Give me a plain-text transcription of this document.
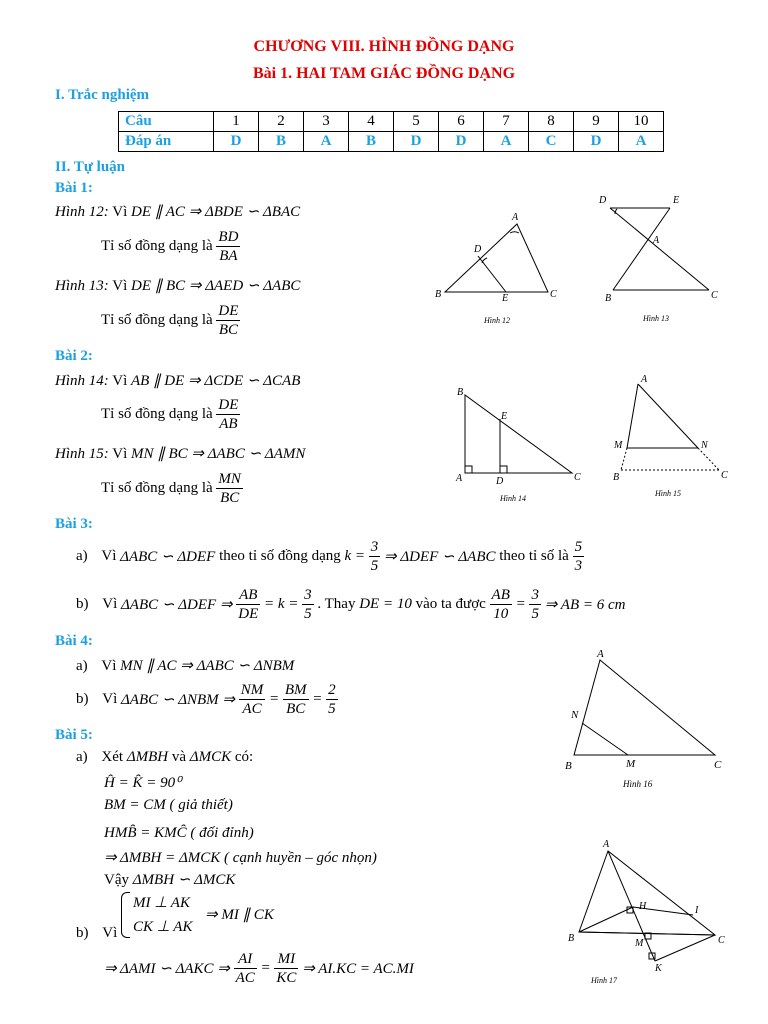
CHƯƠNG VIII. HÌNH ĐỒNG DẠNG
Bài 1. HAI TAM GIÁC ĐỒNG DẠNG
I. Trắc nghiệm
Câu	1	2	3	4	5	6	7	8	9	10
Đáp án	D	B	A	B	D	D	A	C	D	A
II. Tự luận
Bài 1:
Hình 12: Vì DE ∥ AC ⇒ ΔBDE ∽ ΔBAC
Tỉ số đồng dạng là $\frac{BD}{BA}$
Hình 13: Vì DE ∥ BC ⇒ ΔAED ∽ ΔABC
Tỉ số đồng dạng là $\frac{DE}{BC}$
Bài 2:
Hình 14: Vì AB ∥ DE ⇒ ΔCDE ∽ ΔCAB
Tỉ số đồng dạng là $\frac{DE}{AB}$
Hình 15: Vì MN ∥ BC ⇒ ΔABC ∽ ΔAMN
Tỉ số đồng dạng là $\frac{MN}{BC}$
Bài 3:
a) Vì ΔABC ∽ ΔDEF theo tỉ số đồng dạng $k = \frac{3}{5}$ ⇒ ΔDEF ∽ ΔABC theo tỉ số là $\frac{5}{3}$
b) Vì ΔABC ∽ ΔDEF ⇒ $\frac{AB}{DE} = k = \frac{3}{5}$ . Thay DE = 10 vào ta được $\frac{AB}{10} = \frac{3}{5}$ ⇒ AB = 6 cm
Bài 4:
a) Vì MN ∥ AC ⇒ ΔABC ∽ ΔNBM
b) Vì ΔABC ∽ ΔNBM ⇒ $\frac{NM}{AC} = \frac{BM}{BC} = \frac{2}{5}$
Bài 5:
a) Xét ΔMBH và ΔMCK có:
H̑ = K̑ = 90⁰
BM = CM ( giả thiết)
HMB̑ = KMC̑ ( đối đỉnh)
⇒ ΔMBH = ΔMCK ( cạnh huyền – góc nhọn)
Vậy ΔMBH ∽ ΔMCK
b) Vì
MI ⊥ AK
CK ⊥ AK
⇒ MI ∥ CK
⇒ ΔAMI ∽ ΔAKC ⇒ $\frac{AI}{AC} = \frac{MI}{KC}$ ⇒ AI.KC = AC.MI
A
B	C
D
E
Hình 12
D	E
A
B	C
Hình 13
B
A	C
D
E
Hình 14
A
M	N
B	C
Hình 15
A
N
B	M	C
Hình 16
A
H	I
B	M	C
K
Hình 17
